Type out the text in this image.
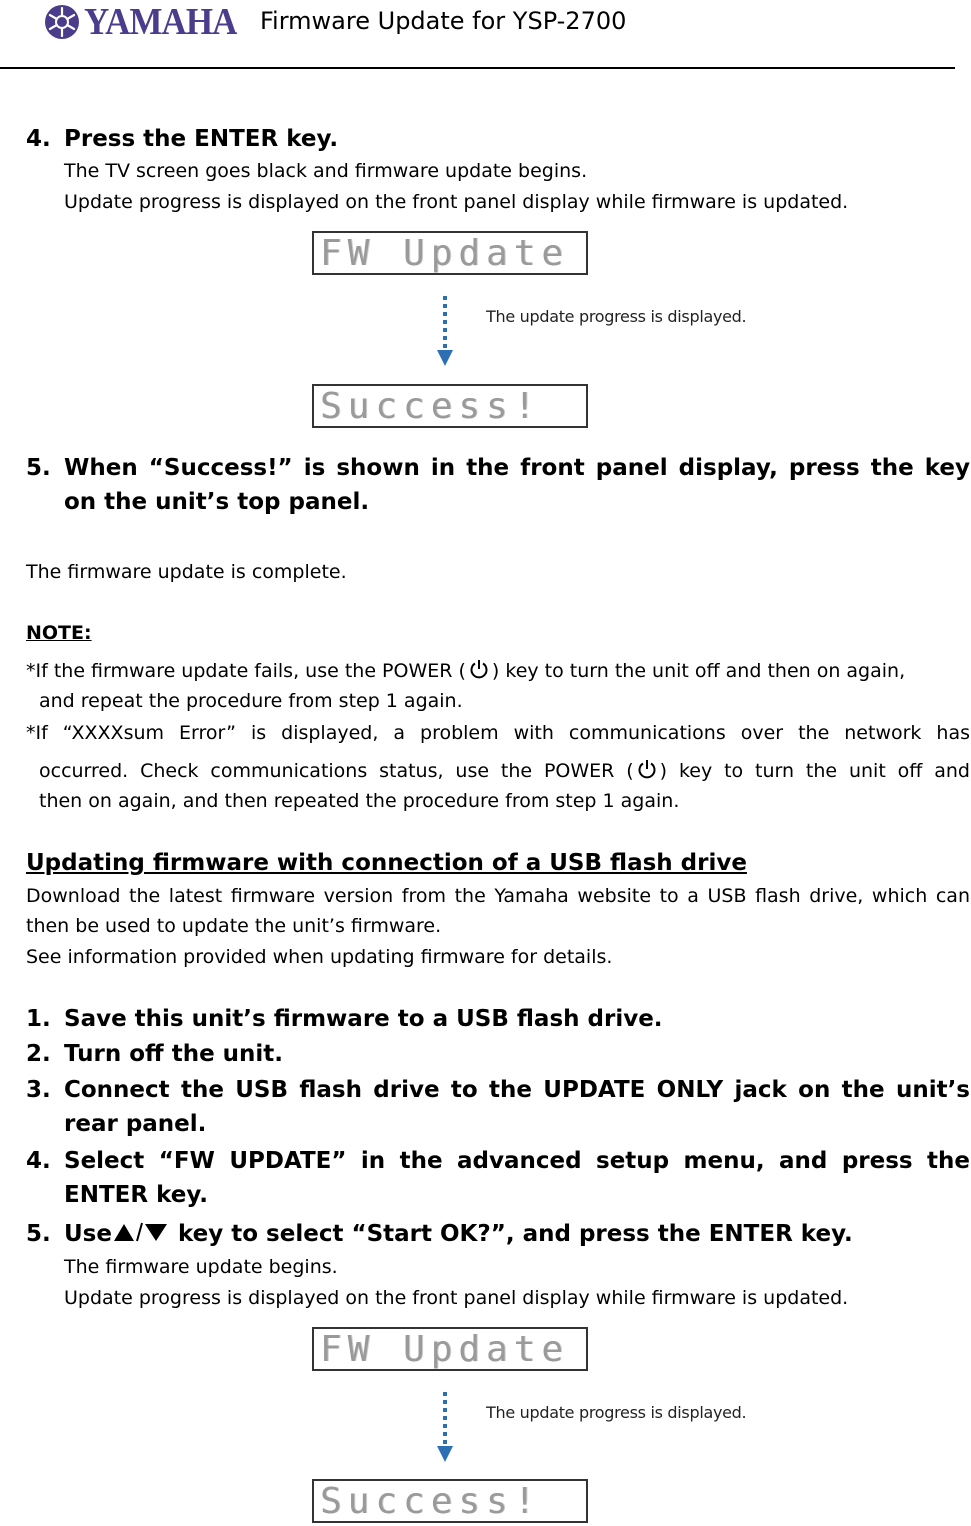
YAMAHA Firmware Update for YSP-2700
4. Press the ENTER key.
The TV screen goes black and firmware update begins.
Update progress is displayed on the front panel display while firmware is updated.
FW Update
The update progress is displayed.
Success!
5. When “Success!” is shown in the front panel display, press the key on the unit’s top panel.
The firmware update is complete.
NOTE:
*If the firmware update fails, use the POWER ( ) key to turn the unit off and then on again,
and repeat the procedure from step 1 again.
*If “XXXXsum Error” is displayed, a problem with communications over the network has
occurred. Check communications status, use the POWER ( ) key to turn the unit off and
then on again, and then repeated the procedure from step 1 again.
Updating firmware with connection of a USB flash drive
Download the latest firmware version from the Yamaha website to a USB flash drive, which can then be used to update the unit’s firmware.
See information provided when updating firmware for details.
1. Save this unit’s firmware to a USB flash drive.
2. Turn off the unit.
3. Connect the USB flash drive to the UPDATE ONLY jack on the unit’s rear panel.
4. Select “FW UPDATE” in the advanced setup menu, and press the ENTER key.
5. Use	key to select “Start OK?”, and press the ENTER key.
The firmware update begins.
Update progress is displayed on the front panel display while firmware is updated.
FW Update
The update progress is displayed.
Success!
